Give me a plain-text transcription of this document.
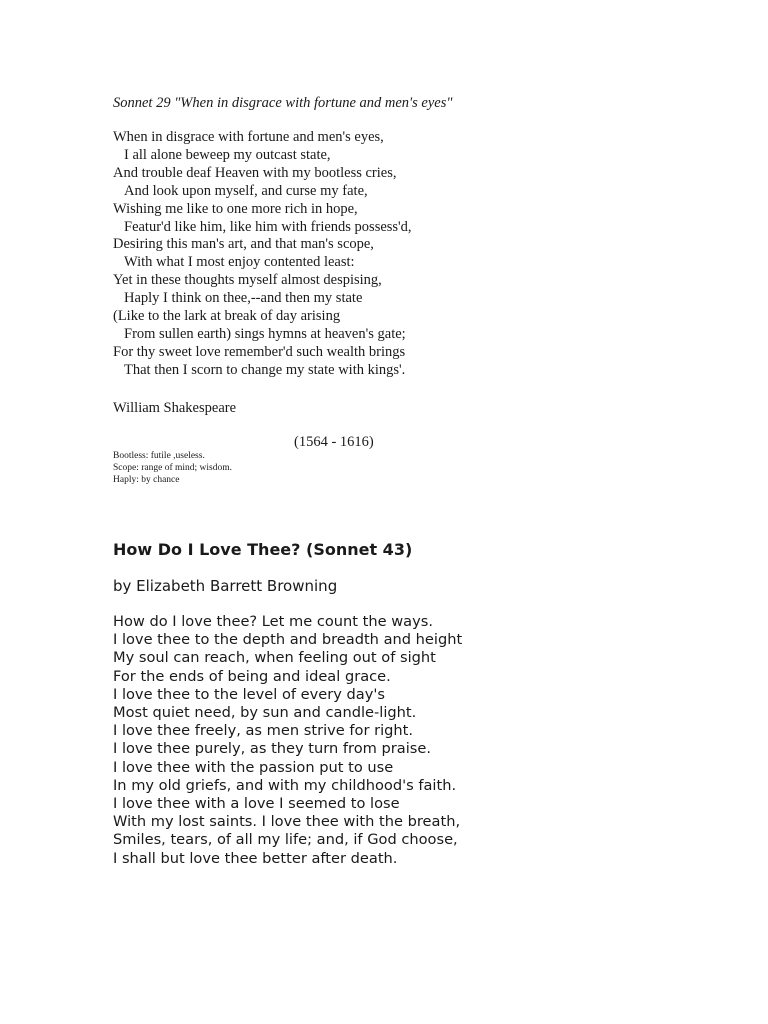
Sonnet 29 "When in disgrace with fortune and men's eyes"
When in disgrace with fortune and men's eyes,
I all alone beweep my outcast state,
And trouble deaf Heaven with my bootless cries,
And look upon myself, and curse my fate,
Wishing me like to one more rich in hope,
Featur'd like him, like him with friends possess'd,
Desiring this man's art, and that man's scope,
With what I most enjoy contented least:
Yet in these thoughts myself almost despising,
Haply I think on thee,--and then my state
(Like to the lark at break of day arising
From sullen earth) sings hymns at heaven's gate;
For thy sweet love remember'd such wealth brings
That then I scorn to change my state with kings'.
William Shakespeare
(1564 - 1616)
Bootless: futile ,useless.
Scope: range of mind; wisdom.
Haply: by chance
How Do I Love Thee? (Sonnet 43)
by Elizabeth Barrett Browning
How do I love thee? Let me count the ways.
I love thee to the depth and breadth and height
My soul can reach, when feeling out of sight
For the ends of being and ideal grace.
I love thee to the level of every day's
Most quiet need, by sun and candle-light.
I love thee freely, as men strive for right.
I love thee purely, as they turn from praise.
I love thee with the passion put to use
In my old griefs, and with my childhood's faith.
I love thee with a love I seemed to lose
With my lost saints. I love thee with the breath,
Smiles, tears, of all my life; and, if God choose,
I shall but love thee better after death.
